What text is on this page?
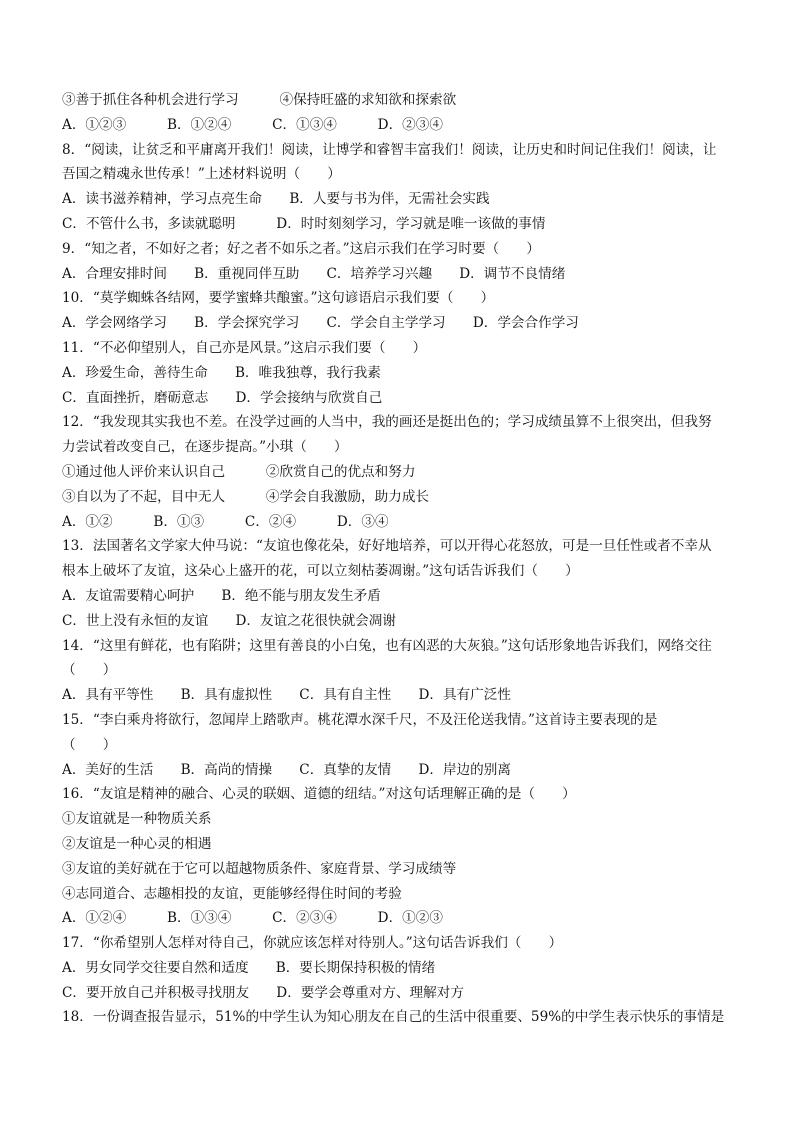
③善于抓住各种机会进行学习　　　④保持旺盛的求知欲和探索欲
A．①②③　　　B．①②④　　　C．①③④　　　D．②③④
8．“阅读，让贫乏和平庸离开我们！阅读，让博学和睿智丰富我们！阅读，让历史和时间记住我们！阅读，让
吾国之精魂永世传承！”上述材料说明（　　）
A．读书滋养精神，学习点亮生命　　B．人要与书为伴，无需社会实践
C．不管什么书，多读就聪明　　　D．时时刻刻学习，学习就是唯一该做的事情
9．“知之者，不如好之者；好之者不如乐之者。”这启示我们在学习时要（　　）
A．合理安排时间　　B．重视同伴互助　　C．培养学习兴趣　　D．调节不良情绪
10．“莫学蜘蛛各结网，要学蜜蜂共酿蜜。”这句谚语启示我们要（　　）
A．学会网络学习　　B．学会探究学习　　C．学会自主学学习　　D．学会合作学习
11．“不必仰望别人，自己亦是风景。”这启示我们要（　　）
A．珍爱生命，善待生命　　B．唯我独尊，我行我素
C．直面挫折，磨砺意志　　D．学会接纳与欣赏自己
12．“我发现其实我也不差。在没学过画的人当中，我的画还是挺出色的；学习成绩虽算不上很突出，但我努
力尝试着改变自己，在逐步提高。”小琪（　　）
①通过他人评价来认识自己　　　②欣赏自己的优点和努力
③自以为了不起，目中无人　　　④学会自我激励，助力成长
A．①②　　　B．①③　　　C．②④　　　D．③④
13．法国著名文学家大仲马说：“友谊也像花朵，好好地培养，可以开得心花怒放，可是一旦任性或者不幸从
根本上破坏了友谊，这朵心上盛开的花，可以立刻枯萎凋谢。”这句话告诉我们（　　）
A．友谊需要精心呵护　　B．绝不能与朋友发生矛盾
C．世上没有永恒的友谊　　D．友谊之花很快就会凋谢
14．“这里有鲜花，也有陷阱；这里有善良的小白兔，也有凶恶的大灰狼。”这句话形象地告诉我们，网络交往
（　　）
A．具有平等性　　B．具有虚拟性　　C．具有自主性　　D．具有广泛性
15．“李白乘舟将欲行，忽闻岸上踏歌声。桃花潭水深千尺，不及汪伦送我情。”这首诗主要表现的是
（　　）
A．美好的生活　　B．高尚的情操　　C．真挚的友情　　D．岸边的别离
16．“友谊是精神的融合、心灵的联姻、道德的纽结。”对这句话理解正确的是（　　）
①友谊就是一种物质关系
②友谊是一种心灵的相遇
③友谊的美好就在于它可以超越物质条件、家庭背景、学习成绩等
④志同道合、志趣相投的友谊，更能够经得住时间的考验
A．①②④　　　B．①③④　　　C．②③④　　　D．①②③
17．“你希望别人怎样对待自己，你就应该怎样对待别人。”这句话告诉我们（　　）
A．男女同学交往要自然和适度　　B．要长期保持积极的情绪
C．要开放自己并积极寻找朋友　　D．要学会尊重对方、理解对方
18．一份调查报告显示，51%的中学生认为知心朋友在自己的生活中很重要、59%的中学生表示快乐的事情是
